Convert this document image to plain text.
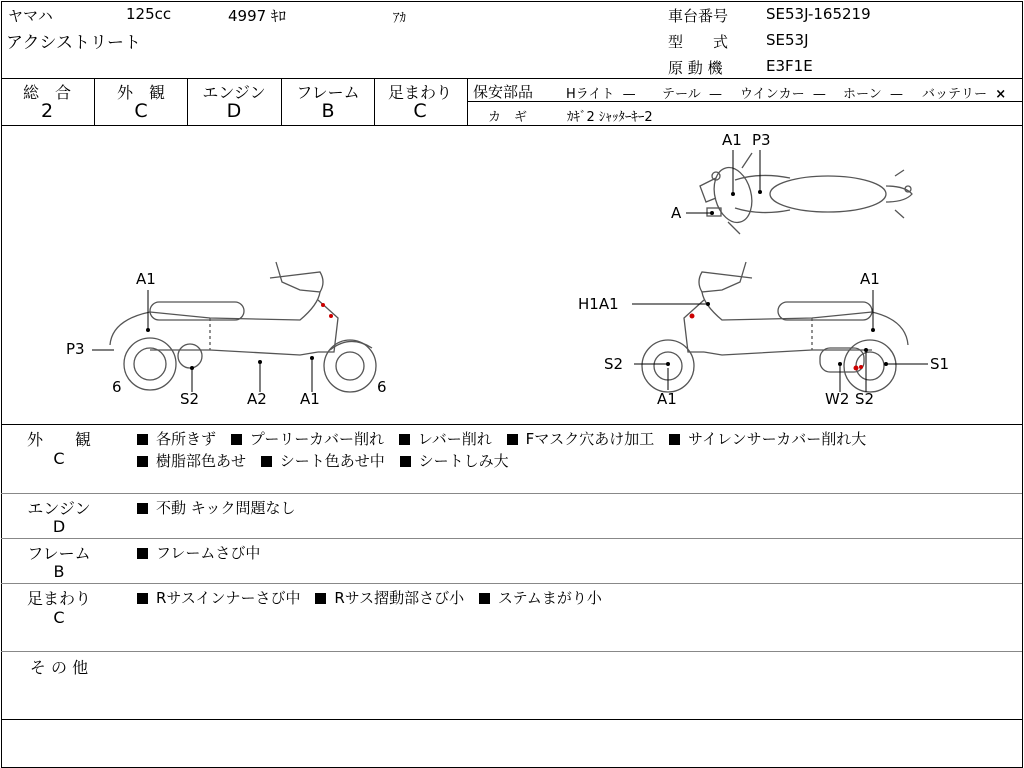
ヤマハ	125cc	4997 ｷﾛ	ｱｶ
アクシストリート
車台番号	SE53J-165219
型　　式	SE53J
原 動 機	E3F1E
総　合
2
外　観
C
エンジン
D
フレーム
B
足まわり
C
保安部品	Hライト — テール — ウインカー — ホーン — バッテリー ×
カ　ギ	ｶｷﾞ2 ｼｬｯﾀｰｷｰ2
A1 P3
A
A1
P3
6
S2	A2 A1
6
H1A1
A1
S2
A1
S1
W2 S2
外　　観
C
各所きず プーリーカバー削れ レバー削れ Fマスク穴あけ加工 サイレンサーカバー削れ大
樹脂部色あせ シート色あせ中 シートしみ大
エンジン
D
不動 キック問題なし
フレーム
B
フレームさび中
足まわり
C
Rサスインナーさび中 Rサス摺動部さび小 ステムまがり小
そ の 他
